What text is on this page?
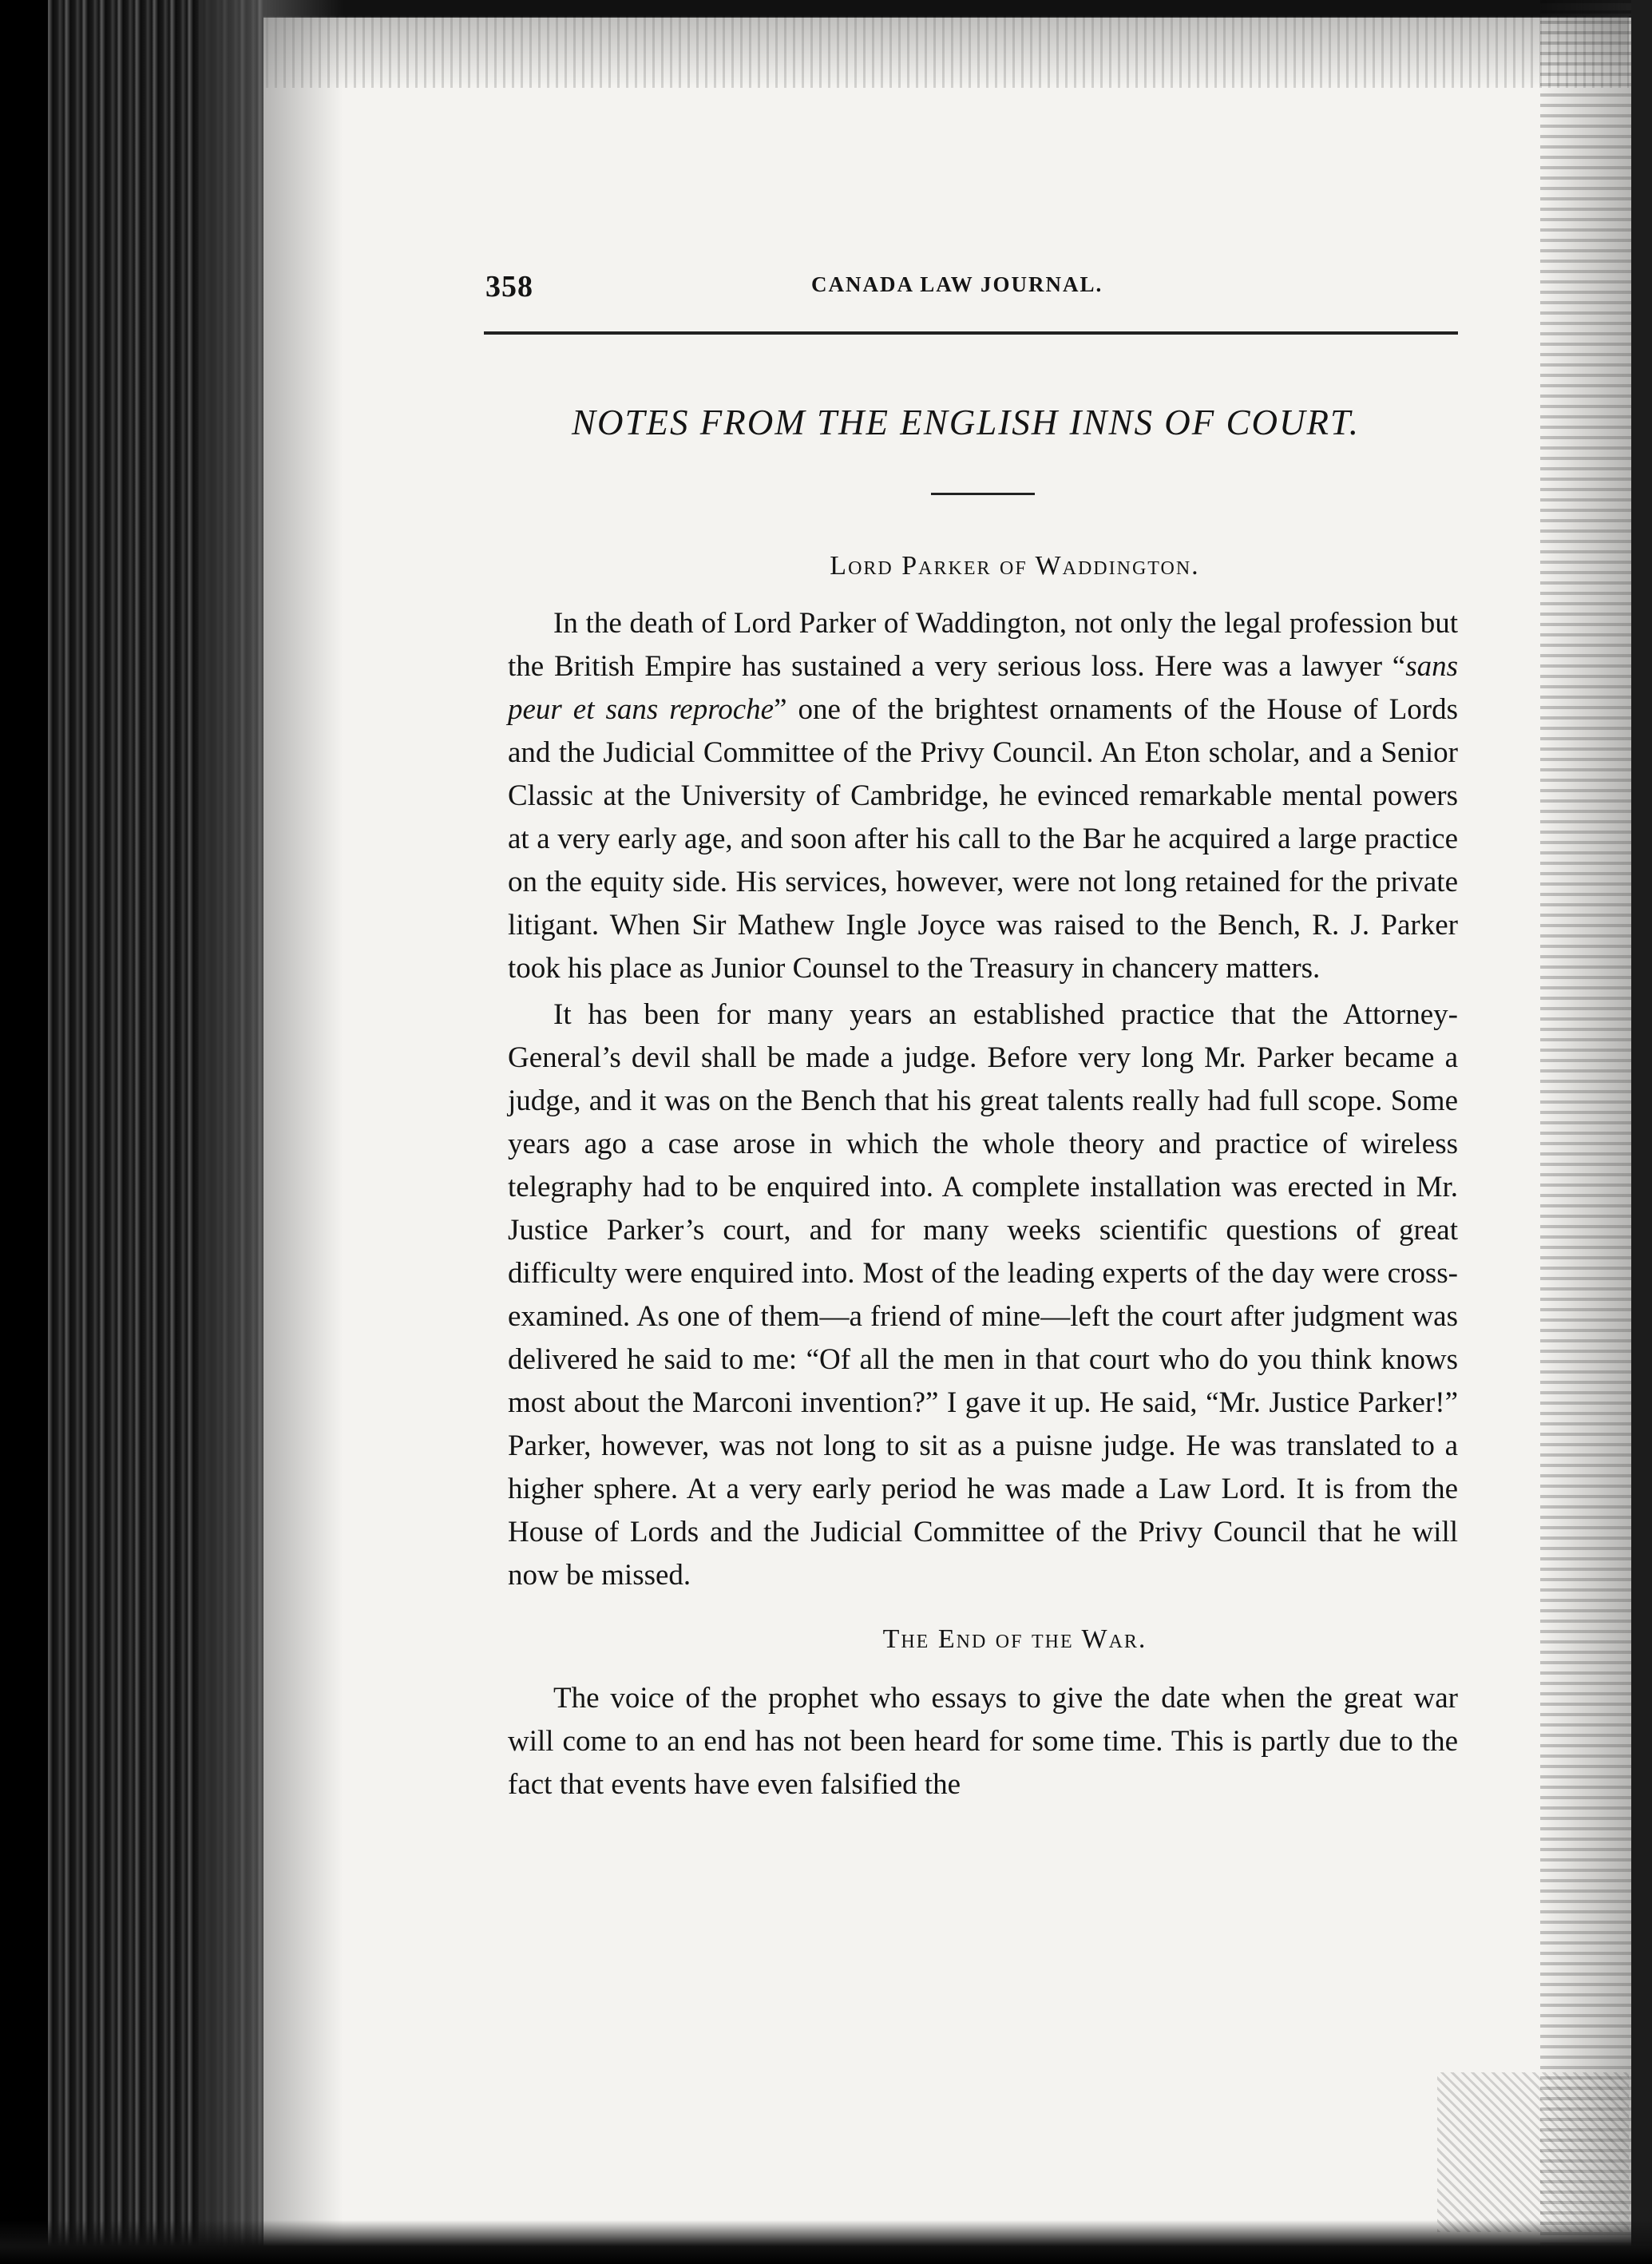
358	CANADA LAW JOURNAL.
NOTES FROM THE ENGLISH INNS OF COURT.
Lord Parker of Waddington.

In the death of Lord Parker of Waddington, not only the legal profession but the British Empire has sustained a very serious loss. Here was a lawyer “sans peur et sans reproche” one of the brightest ornaments of the House of Lords and the Judicial Committee of the Privy Council. An Eton scholar, and a Senior Classic at the University of Cambridge, he evinced remarkable mental powers at a very early age, and soon after his call to the Bar he acquired a large practice on the equity side. His services, however, were not long retained for the private litigant. When Sir Mathew Ingle Joyce was raised to the Bench, R. J. Parker took his place as Junior Counsel to the Treasury in chancery matters.

It has been for many years an established practice that the Attorney-General’s devil shall be made a judge. Before very long Mr. Parker became a judge, and it was on the Bench that his great talents really had full scope. Some years ago a case arose in which the whole theory and practice of wireless telegraphy had to be enquired into. A complete installation was erected in Mr. Justice Parker’s court, and for many weeks scientific questions of great difficulty were enquired into. Most of the leading experts of the day were cross-examined. As one of them—a friend of mine—left the court after judgment was delivered he said to me: “Of all the men in that court who do you think knows most about the Marconi invention?” I gave it up. He said, “Mr. Justice Parker!” Parker, however, was not long to sit as a puisne judge. He was translated to a higher sphere. At a very early period he was made a Law Lord. It is from the House of Lords and the Judicial Committee of the Privy Council that he will now be missed.

The End of the War.

The voice of the prophet who essays to give the date when the great war will come to an end has not been heard for some time. This is partly due to the fact that events have even falsified the
